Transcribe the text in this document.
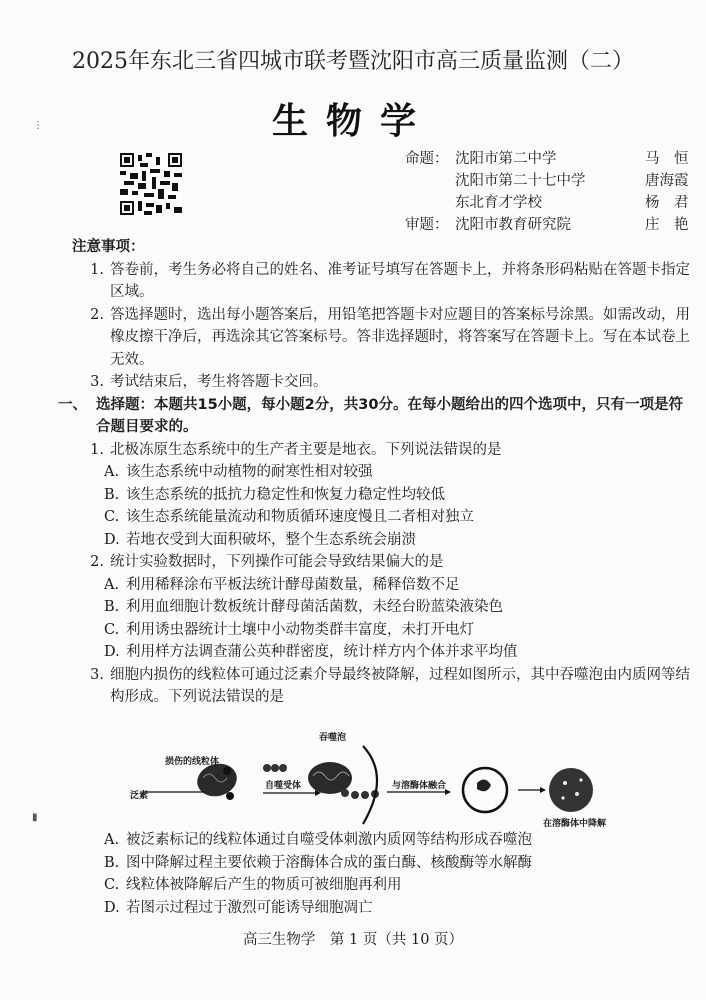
2025年东北三省四城市联考暨沈阳市高三质量监测（二）
生物学
⋮
▮
命题： 沈阳市第二中学	马　恒
沈阳市第二十七中学	唐海霞
东北育才学校	杨　君
审题： 沈阳市教育研究院	庄　艳
注意事项：
1. 答卷前，考生务必将自己的姓名、准考证号填写在答题卡上，并将条形码粘贴在答题卡指定区域。
2. 答选择题时，选出每小题答案后，用铅笔把答题卡对应题目的答案标号涂黑。如需改动，用橡皮擦干净后，再选涂其它答案标号。答非选择题时，将答案写在答题卡上。写在本试卷上无效。
3. 考试结束后，考生将答题卡交回。
一、 选择题：本题共15小题，每小题2分，共30分。在每小题给出的四个选项中，只有一项是符合题目要求的。
1. 北极冻原生态系统中的生产者主要是地衣。下列说法错误的是
A. 该生态系统中动植物的耐寒性相对较强
B. 该生态系统的抵抗力稳定性和恢复力稳定性均较低
C. 该生态系统能量流动和物质循环速度慢且二者相对独立
D. 若地衣受到大面积破坏，整个生态系统会崩溃
2. 统计实验数据时，下列操作可能会导致结果偏大的是
A. 利用稀释涂布平板法统计酵母菌数量，稀释倍数不足
B. 利用血细胞计数板统计酵母菌活菌数，未经台盼蓝染液染色
C. 利用诱虫器统计土壤中小动物类群丰富度，未打开电灯
D. 利用样方法调查蒲公英种群密度，统计样方内个体并求平均值
3. 细胞内损伤的线粒体可通过泛素介导最终被降解，过程如图所示，其中吞噬泡由内质网等结构形成。下列说法错误的是
损伤的线粒体
泛素
自噬受体
吞噬泡
与溶酶体融合
在溶酶体中降解
A. 被泛素标记的线粒体通过自噬受体刺激内质网等结构形成吞噬泡
B. 图中降解过程主要依赖于溶酶体合成的蛋白酶、核酸酶等水解酶
C. 线粒体被降解后产生的物质可被细胞再利用
D. 若图示过程过于激烈可能诱导细胞凋亡
高三生物学　第 1 页（共 10 页）
